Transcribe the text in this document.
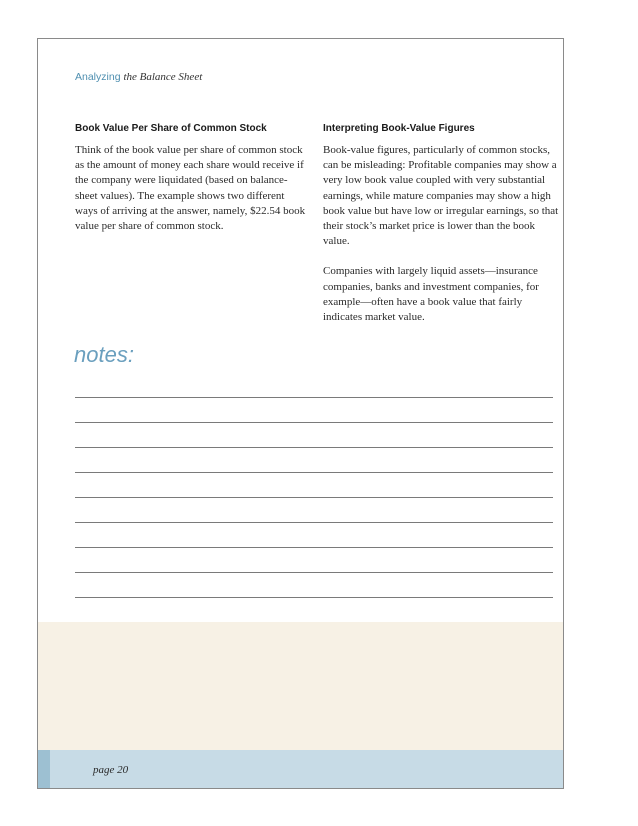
Analyzing the Balance Sheet

Book Value Per Share of Common Stock

Think of the book value per share of common stock as the amount of money each share would receive if the company were liquidated (based on balance-sheet values). The example shows two different ways of arriving at the answer, namely, $22.54 book value per share of common stock.

Interpreting Book-Value Figures

Book-value figures, particularly of common stocks, can be misleading: Profitable companies may show a very low book value coupled with very substantial earnings, while mature companies may show a high book value but have low or irregular earnings, so that their stock’s market price is lower than the book value.

Companies with largely liquid assets—insurance companies, banks and investment companies, for example—often have a book value that fairly indicates market value.

notes:

page 20
